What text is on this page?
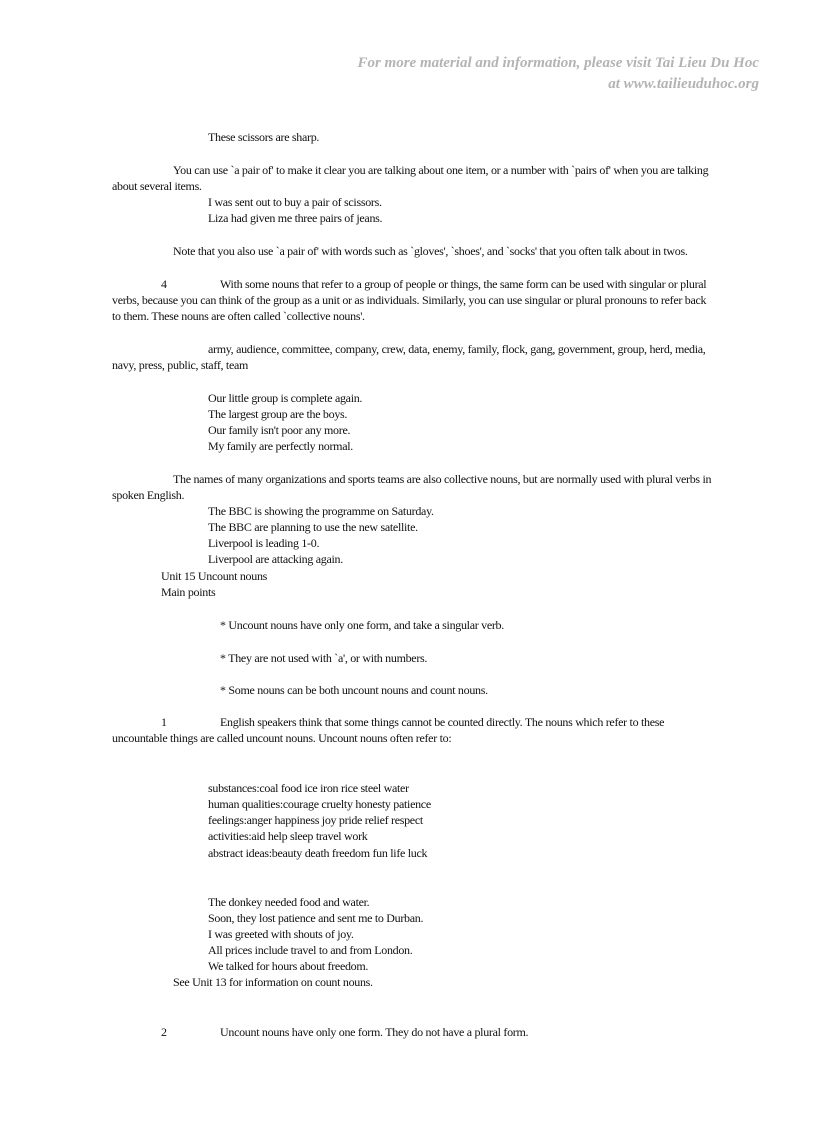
For more material and information, please visit Tai Lieu Du Hoc
at www.tailieuduhoc.org
These scissors are sharp.
You can use `a pair of' to make it clear you are talking about one item, or a number with `pairs of' when you are talking
about several items.
I was sent out to buy a pair of scissors.
Liza had given me three pairs of jeans.
Note that you also use `a pair of' with words such as `gloves', `shoes', and `socks' that you often talk about in twos.
4	With some nouns that refer to a group of people or things, the same form can be used with singular or plural
verbs, because you can think of the group as a unit or as individuals. Similarly, you can use singular or plural pronouns to refer back
to them. These nouns are often called `collective nouns'.
army, audience, committee, company, crew, data, enemy, family, flock, gang, government, group, herd, media,
navy, press, public, staff, team
Our little group is complete again.
The largest group are the boys.
Our family isn't poor any more.
My family are perfectly normal.
The names of many organizations and sports teams are also collective nouns, but are normally used with plural verbs in
spoken English.
The BBC is showing the programme on Saturday.
The BBC are planning to use the new satellite.
Liverpool is leading 1-0.
Liverpool are attacking again.
Unit 15 Uncount nouns
Main points
* Uncount nouns have only one form, and take a singular verb.
* They are not used with `a', or with numbers.
* Some nouns can be both uncount nouns and count nouns.
1	English speakers think that some things cannot be counted directly. The nouns which refer to these
uncountable things are called uncount nouns. Uncount nouns often refer to:
substances:coal food ice iron rice steel water
human qualities:courage cruelty honesty patience
feelings:anger happiness joy pride relief respect
activities:aid help sleep travel work
abstract ideas:beauty death freedom fun life luck
The donkey needed food and water.
Soon, they lost patience and sent me to Durban.
I was greeted with shouts of joy.
All prices include travel to and from London.
We talked for hours about freedom.
See Unit 13 for information on count nouns.
2	Uncount nouns have only one form. They do not have a plural form.
